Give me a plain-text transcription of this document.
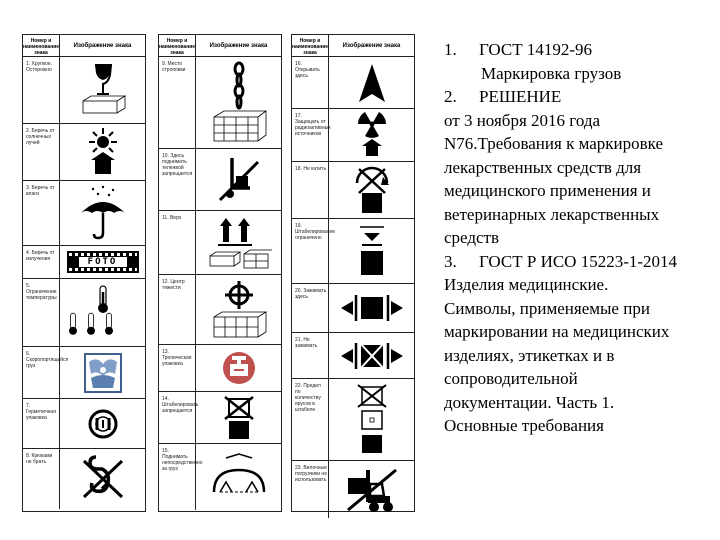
Номер и наименование знака
Изображение знака
1. Хрупкое. Осторожно
2. Беречь от солнечных лучей
3. Беречь от влаги
4. Беречь от излучения	FOTO
5. Ограничение температуры
6. Скоропортящийся груз
7. Герметичная упаковка
8. Крюками не брать
Номер и наименование знака
Изображение знака
9. Место строповки
10. Здесь поднимать тележкой запрещается
11. Верх
12. Центр тяжести
13. Тропическая упаковка
14. Штабелировать запрещается
15. Поднимать непосредственно за груз
Номер и наименование знака
Изображение знака
16. Открывать здесь
17. Защищать от радиоактивных источников
18. Не катить
19. Штабелирование ограничено
20. Зажимать здесь
21. Не зажимать
22. Предел по количеству ярусов в штабеле
23. Вилочные погрузчики не использовать
1. ГОСТ 14192-96
Маркировка грузов
2. РЕШЕНИЕ
от 3 ноября 2016 года
N76.Требования к маркировке
лекарственных средств для
медицинского применения и
ветеринарных лекарственных
средств
3. ГОСТ Р ИСО 15223-1-2014
Изделия медицинские.
Символы, применяемые при
маркировании на медицинских
изделиях, этикетках и в
сопроводительной
документации. Часть 1.
Основные требования
